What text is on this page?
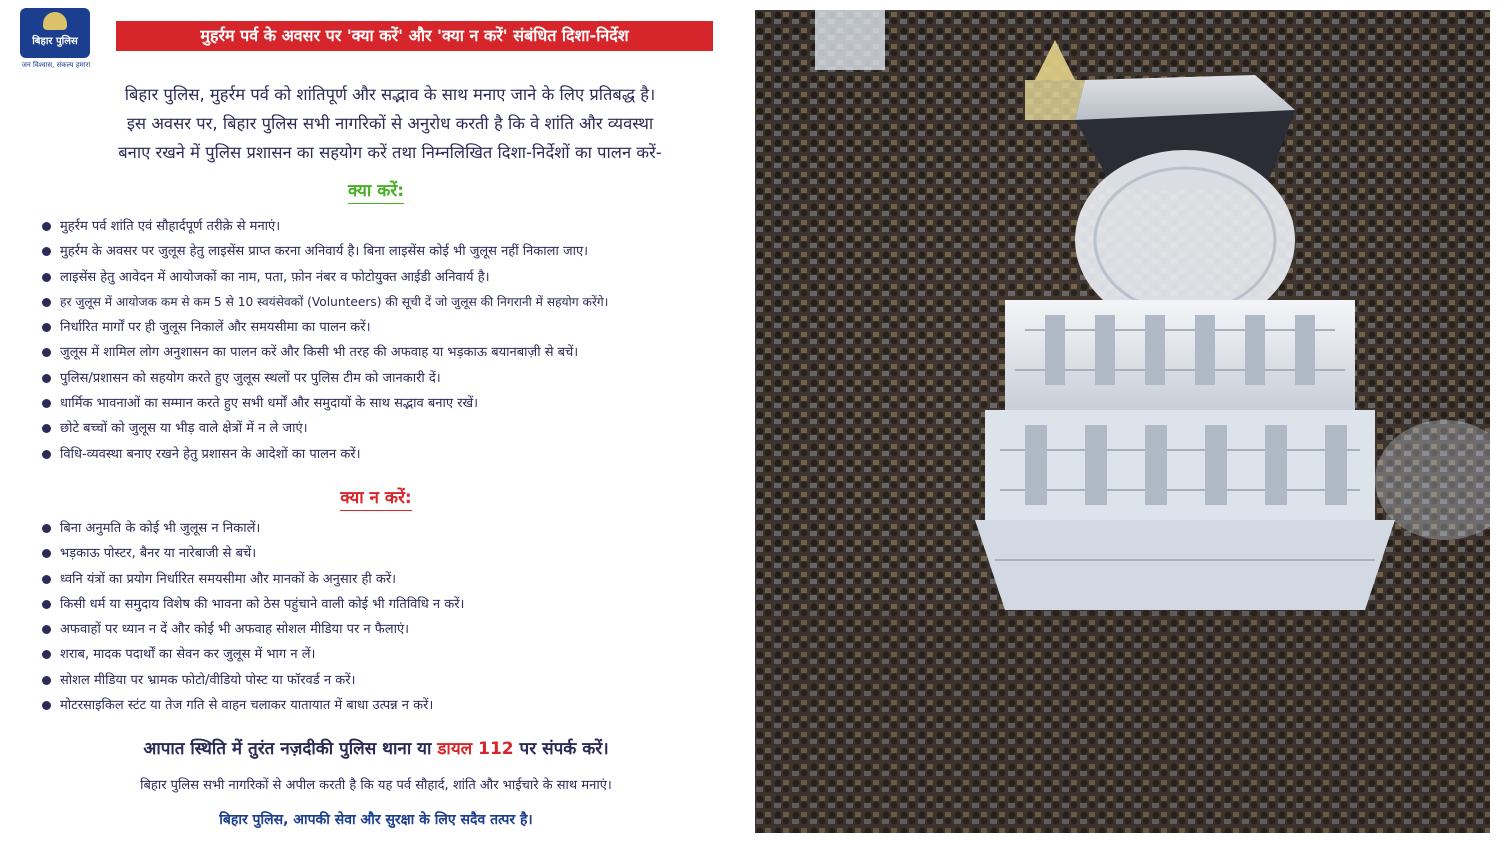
बिहार पुलिस
जन विश्वास, संकल्प हमारा
मुहर्रम पर्व के अवसर पर 'क्या करें' और 'क्या न करें' संबंधित दिशा-निर्देश
बिहार पुलिस, मुहर्रम पर्व को शांतिपूर्ण और सद्भाव के साथ मनाए जाने के लिए प्रतिबद्ध है।
इस अवसर पर, बिहार पुलिस सभी नागरिकों से अनुरोध करती है कि वे शांति और व्यवस्था
बनाए रखने में पुलिस प्रशासन का सहयोग करें तथा निम्नलिखित दिशा-निर्देशों का पालन करें-
क्या करें:
मुहर्रम पर्व शांति एवं सौहार्दपूर्ण तरीक़े से मनाएं।
मुहर्रम के अवसर पर जुलूस हेतु लाइसेंस प्राप्त करना अनिवार्य है। बिना लाइसेंस कोई भी जुलूस नहीं निकाला जाए।
लाइसेंस हेतु आवेदन में आयोजकों का नाम, पता, फ़ोन नंबर व फोटोयुक्त आईडी अनिवार्य है।
हर जुलूस में आयोजक कम से कम 5 से 10 स्वयंसेवकों (Volunteers) की सूची दें जो जुलूस की निगरानी में सहयोग करेंगे।
निर्धारित मार्गों पर ही जुलूस निकालें और समयसीमा का पालन करें।
जुलूस में शामिल लोग अनुशासन का पालन करें और किसी भी तरह की अफवाह या भड़काऊ बयानबाज़ी से बचें।
पुलिस/प्रशासन को सहयोग करते हुए जुलूस स्थलों पर पुलिस टीम को जानकारी दें।
धार्मिक भावनाओं का सम्मान करते हुए सभी धर्मों और समुदायों के साथ सद्भाव बनाए रखें।
छोटे बच्चों को जुलूस या भीड़ वाले क्षेत्रों में न ले जाएं।
विधि-व्यवस्था बनाए रखने हेतु प्रशासन के आदेशों का पालन करें।
क्या न करें:
बिना अनुमति के कोई भी जुलूस न निकालें।
भड़काऊ पोस्टर, बैनर या नारेबाजी से बचें।
ध्वनि यंत्रों का प्रयोग निर्धारित समयसीमा और मानकों के अनुसार ही करें।
किसी धर्म या समुदाय विशेष की भावना को ठेस पहुंचाने वाली कोई भी गतिविधि न करें।
अफवाहों पर ध्यान न दें और कोई भी अफवाह सोशल मीडिया पर न फैलाएं।
शराब, मादक पदार्थों का सेवन कर जुलूस में भाग न लें।
सोशल मीडिया पर भ्रामक फोटो/वीडियो पोस्ट या फॉरवर्ड न करें।
मोटरसाइकिल स्टंट या तेज गति से वाहन चलाकर यातायात में बाधा उत्पन्न न करें।
आपात स्थिति में तुरंत नज़दीकी पुलिस थाना या डायल 112 पर संपर्क करें।
बिहार पुलिस सभी नागरिकों से अपील करती है कि यह पर्व सौहार्द, शांति और भाईचारे के साथ मनाएं।
बिहार पुलिस, आपकी सेवा और सुरक्षा के लिए सदैव तत्पर है।
